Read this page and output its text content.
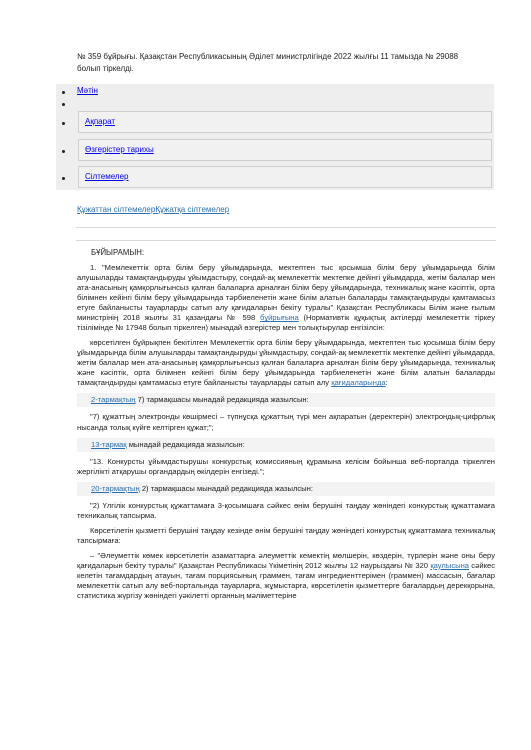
№ 359 бұйрығы. Қазақстан Республикасының Әділет министрлігінде 2022 жылғы 11 тамызда № 29088 болып тіркелді.
Мәтін
Ақпарат
Өзгерістер тарихы
Сілтемелер
Құжаттан сілтемелерҚұжатқа сілтемелер

БҰЙЫРАМЫН:

1. "Мемлекеттік орта білім беру ұйымдарында, мектептен тыс қосымша білім беру ұйымдарында білім алушыларды тамақтандыруды ұйымдастыру, сондай-ақ мемлекеттік мектепке дейінгі ұйымдарда, жетім балалар мен ата-анасының қамқорлығынсыз қалған балаларға арналған білім беру ұйымдарында, техникалық және кәсіптік, орта білімнен кейінгі білім беру ұйымдарында тәрбиеленетін және білім алатын балаларды тамақтандыруды қамтамасыз етуге байланысты тауарларды сатып алу қағидаларын бекіту туралы" Қазақстан Республикасы Білім және ғылым министрінің 2018 жылғы 31 қазандағы № 598 бұйрығына (Нормативтік құқықтық актілерді мемлекеттік тіркеу тізілімінде № 17948 болып тіркелген) мынадай өзгерістер мен толықтырулар енгізілсін:

көрсетілген бұйрықпен бекітілген Мемлекеттік орта білім беру ұйымдарында, мектептен тыс қосымша білім беру ұйымдарында білім алушыларды тамақтандыруды ұйымдастыру, сондай-ақ мемлекеттік мектепке дейінгі ұйымдарда, жетім балалар мен ата-анасының қамқорлығынсыз қалған балаларға арналған білім беру ұйымдарында, техникалық және кәсіптік, орта білімнен кейінгі білім беру ұйымдарында тәрбиеленетін және білім алатын балаларды тамақтандыруды қамтамасыз етуге байланысты тауарларды сатып алу қағидаларында:

2-тармақтың 7) тармақшасы мынадай редакцияда жазылсын:

"7) құжаттың электронды көшірмесі – түпнұсқа құжаттың түрі мен ақпаратын (деректерін) электрондық-цифрлық нысанда толық күйге келтірген құжат;";

13-тармақ мынадай редакцияда жазылсын:

"13. Конкурсты ұйымдастырушы конкурстық комиссияның құрамына келісім бойынша веб-порталда тіркелген жергілікті атқарушы органдардың өкілдерін енгізеді.";

20-тармақтың 2) тармақшасы мынадай редакцияда жазылсын:

"2) Үлгілік конкурстық құжаттамаға 3-қосымшаға сәйкес өнім берушіні таңдау жөніндегі конкурстық құжаттамаға техникалық тапсырма.

Көрсетілетін қызметті берушіні таңдау кезінде өнім берушіні таңдау жөніндегі конкурстық құжаттамаға техникалық тапсырмаға:

– "Әлеуметтік көмек көрсетілетін азаматтарға әлеуметтік кемектің мөлшерін, көздерін, түрлерін және оны беру қағидаларын бекіту туралы" Қазақстан Республикасы Үкіметінің 2012 жылғы 12 наурыздағы № 320 қаулысына сәйкес келетін тағамдардың атауын, тағам порциясының граммен, тағам ингредиенттерімен (граммен) массасын, бағалар мемлекеттік сатып алу веб-порталында тауарларға, жұмыстарға, көрсетілетін қызметтерге бағалардың дерекқорына, статистика жүргізу жөніндегі уәкілетті органның мәліметтеріне
